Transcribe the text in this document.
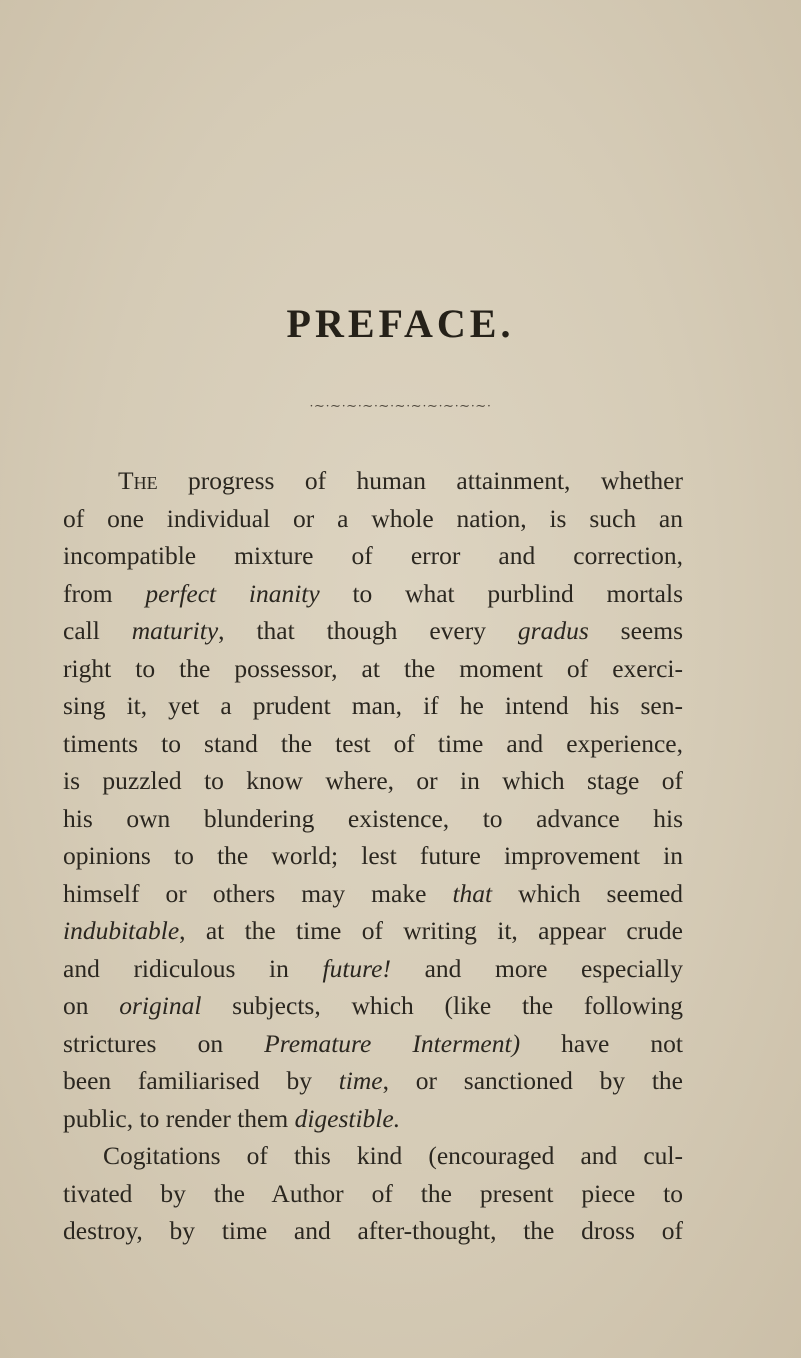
PREFACE.
∙∼∙∼∙∼∙∼∙∼∙∼∙∼∙∼∙∼∙∼∙∼∙
The progress of human attainment, whether
of one individual or a whole nation, is such an
incompatible mixture of error and correction,
from perfect inanity to what purblind mortals
call maturity, that though every gradus seems
right to the possessor, at the moment of exerci-
sing it, yet a prudent man, if he intend his sen-
timents to stand the test of time and experience,
is puzzled to know where, or in which stage of
his own blundering existence, to advance his
opinions to the world; lest future improvement in
himself or others may make that which seemed
indubitable, at the time of writing it, appear crude
and ridiculous in future! and more especially
on original subjects, which (like the following
strictures on Premature Interment) have not
been familiarised by time, or sanctioned by the
public, to render them digestible.
Cogitations of this kind (encouraged and cul-
tivated by the Author of the present piece to
destroy, by time and after-thought, the dross of
